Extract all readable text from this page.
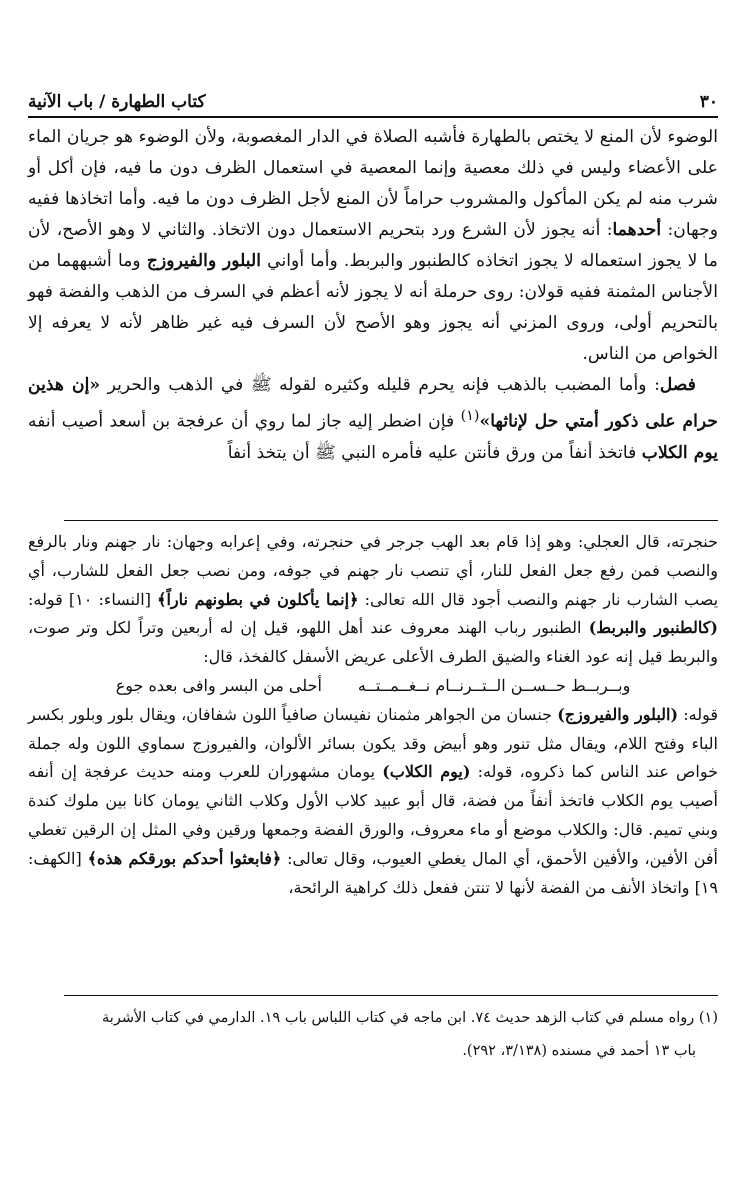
٣٠
كتاب الطهارة / باب الآنية

الوضوء لأن المنع لا يختص بالطهارة فأشبه الصلاة في الدار المغصوبة، ولأن الوضوء هو جريان الماء على الأعضاء وليس في ذلك معصية وإنما المعصية في استعمال الظرف دون ما فيه، فإن أكل أو شرب منه لم يكن المأكول والمشروب حراماً لأن المنع لأجل الظرف دون ما فيه. وأما اتخاذها ففيه وجهان: أحدهما: أنه يجوز لأن الشرع ورد بتحريم الاستعمال دون الاتخاذ. والثاني لا وهو الأصح، لأن ما لا يجوز استعماله لا يجوز اتخاذه كالطنبور والبربط. وأما أواني البلور والفيروزج وما أشبههما من الأجناس المثمنة ففيه قولان: روى حرملة أنه لا يجوز لأنه أعظم في السرف من الذهب والفضة فهو بالتحريم أولى، وروى المزني أنه يجوز وهو الأصح لأن السرف فيه غير ظاهر لأنه لا يعرفه إلا الخواص من الناس.

فصل: وأما المضبب بالذهب فإنه يحرم قليله وكثيره لقوله ﷺ في الذهب والحرير «إن هذين حرام على ذكور أمتي حل لإناثها»$^{(١)}$ فإن اضطر إليه جاز لما روي أن عرفجة بن أسعد أصيب أنفه يوم الكلاب فاتخذ أنفاً من ورق فأنتن عليه فأمره النبي ﷺ أن يتخذ أنفاً

حنجرته، قال العجلي: وهو إذا قام بعد الهب جرجر في حنجرته، وفي إعرابه وجهان: نار جهنم ونار بالرفع والنصب فمن رفع جعل الفعل للنار، أي تنصب نار جهنم في جوفه، ومن نصب جعل الفعل للشارب، أي يصب الشارب نار جهنم والنصب أجود قال الله تعالى: ﴿إنما يأكلون في بطونهم ناراً﴾ [النساء: ١٠] قوله: (كالطنبور والبربط) الطنبور رباب الهند معروف عند أهل اللهو، قيل إن له أربعين وتراً لكل وتر صوت، والبربط قيل إنه عود الغناء والضيق الطرف الأعلى عريض الأسفل كالفخذ، قال:

وبــربــط حــســن الــتــرنــام نــغــمــتــه
أحلى من البسر وافى بعده جوع

قوله: (البلور والفيروزج) جنسان من الجواهر مثمنان نفيسان صافياً اللون شفافان، ويقال بلور وبلور بكسر الباء وفتح اللام، ويقال مثل تنور وهو أبيض وقد يكون بسائر الألوان، والفيروزج سماوي اللون وله جملة خواص عند الناس كما ذكروه، قوله: (يوم الكلاب) يومان مشهوران للعرب ومنه حديث عرفجة إن أنفه أصيب يوم الكلاب فاتخذ أنفاً من فضة، قال أبو عبيد كلاب الأول وكلاب الثاني يومان كانا بين ملوك كندة وبني تميم. قال: والكلاب موضع أو ماء معروف، والورق الفضة وجمعها ورقين وفي المثل إن الرقين تغطي أفن الأفين، والأفين الأحمق، أي المال يغطي العيوب، وقال تعالى: ﴿فابعثوا أحدكم بورقكم هذه﴾ [الكهف: ١٩] واتخاذ الأنف من الفضة لأنها لا تنتن ففعل ذلك كراهية الرائحة،

(١) رواه مسلم في كتاب الزهد حديث ٧٤. ابن ماجه في كتاب اللباس باب ١٩. الدارمي في كتاب الأشربة

باب ١٣ أحمد في مسنده (٣/١٣٨، ٢٩٢).
